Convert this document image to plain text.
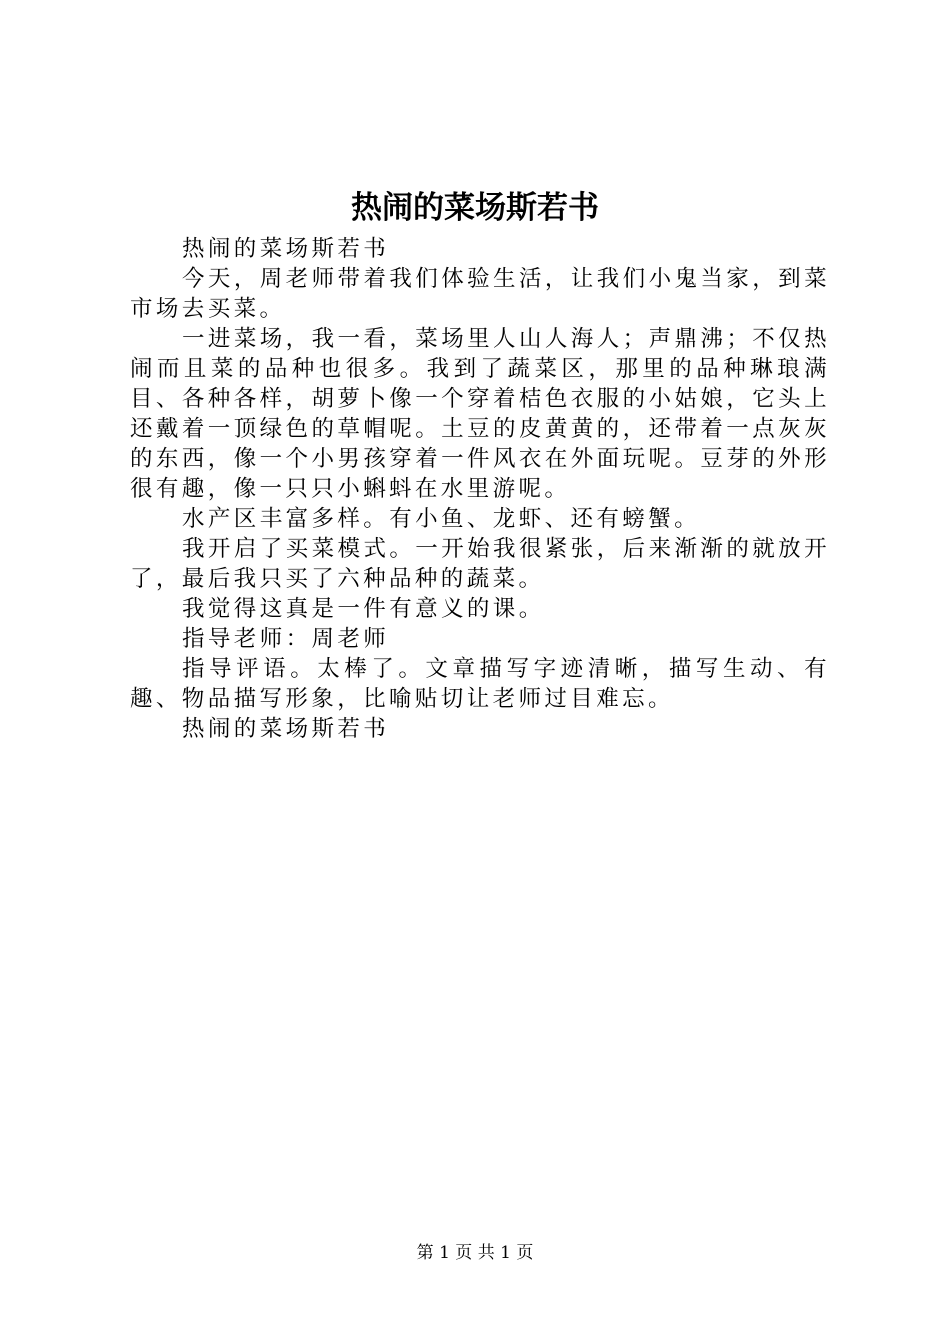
热闹的菜场斯若书

热闹的菜场斯若书

今天，周老师带着我们体验生活，让我们小鬼当家，到菜市场去买菜。

一进菜场，我一看，菜场里人山人海人；声鼎沸；不仅热闹而且菜的品种也很多。我到了蔬菜区，那里的品种琳琅满目、各种各样，胡萝卜像一个穿着桔色衣服的小姑娘，它头上还戴着一顶绿色的草帽呢。土豆的皮黄黄的，还带着一点灰灰的东西，像一个小男孩穿着一件风衣在外面玩呢。豆芽的外形很有趣，像一只只小蝌蚪在水里游呢。

水产区丰富多样。有小鱼、龙虾、还有螃蟹。

我开启了买菜模式。一开始我很紧张，后来渐渐的就放开了，最后我只买了六种品种的蔬菜。

我觉得这真是一件有意义的课。

指导老师：周老师

指导评语。太棒了。文章描写字迹清晰，描写生动、有趣、物品描写形象，比喻贴切让老师过目难忘。

热闹的菜场斯若书

第 1 页 共 1 页
